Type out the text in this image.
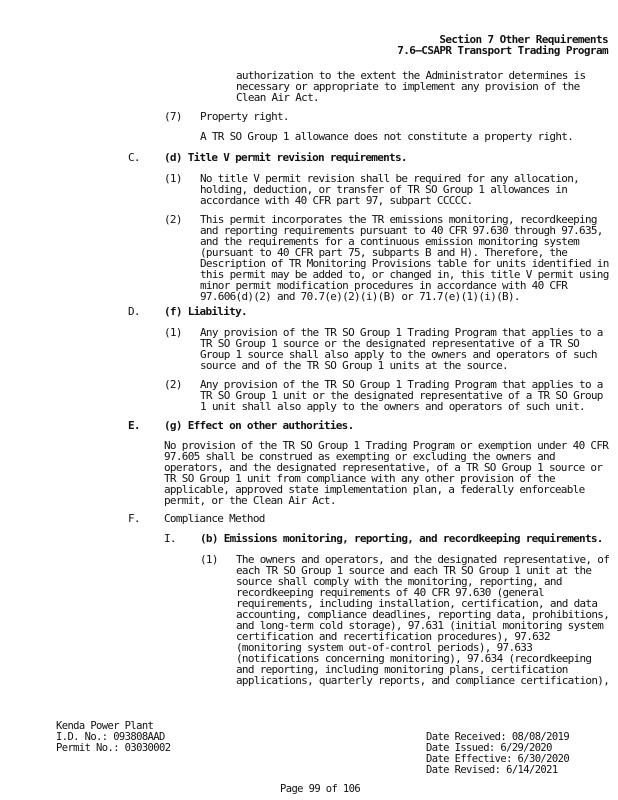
Section 7 Other Requirements
7.6–CSAPR Transport Trading Program
authorization to the extent the Administrator determines is
necessary or appropriate to implement any provision of the
Clean Air Act.
(7) Property right.
A TR SO Group 1 allowance does not constitute a property right.
C. (d) Title V permit revision requirements.
(1) No title V permit revision shall be required for any allocation,
holding, deduction, or transfer of TR SO Group 1 allowances in
accordance with 40 CFR part 97, subpart CCCCC.
(2) This permit incorporates the TR emissions monitoring, recordkeeping
and reporting requirements pursuant to 40 CFR 97.630 through 97.635,
and the requirements for a continuous emission monitoring system
(pursuant to 40 CFR part 75, subparts B and H). Therefore, the
Description of TR Monitoring Provisions table for units identified in
this permit may be added to, or changed in, this title V permit using
minor permit modification procedures in accordance with 40 CFR
97.606(d)(2) and 70.7(e)(2)(i)(B) or 71.7(e)(1)(i)(B).
D. (f) Liability.
(1) Any provision of the TR SO Group 1 Trading Program that applies to a
TR SO Group 1 source or the designated representative of a TR SO
Group 1 source shall also apply to the owners and operators of such
source and of the TR SO Group 1 units at the source.
(2) Any provision of the TR SO Group 1 Trading Program that applies to a
TR SO Group 1 unit or the designated representative of a TR SO Group
1 unit shall also apply to the owners and operators of such unit.
E. (g) Effect on other authorities.
No provision of the TR SO Group 1 Trading Program or exemption under 40 CFR
97.605 shall be construed as exempting or excluding the owners and
operators, and the designated representative, of a TR SO Group 1 source or
TR SO Group 1 unit from compliance with any other provision of the
applicable, approved state implementation plan, a federally enforceable
permit, or the Clean Air Act.
F. Compliance Method
I. (b) Emissions monitoring, reporting, and recordkeeping requirements.
(1) The owners and operators, and the designated representative, of
each TR SO Group 1 source and each TR SO Group 1 unit at the
source shall comply with the monitoring, reporting, and
recordkeeping requirements of 40 CFR 97.630 (general
requirements, including installation, certification, and data
accounting, compliance deadlines, reporting data, prohibitions,
and long-term cold storage), 97.631 (initial monitoring system
certification and recertification procedures), 97.632
(monitoring system out-of-control periods), 97.633
(notifications concerning monitoring), 97.634 (recordkeeping
and reporting, including monitoring plans, certification
applications, quarterly reports, and compliance certification),
Kenda Power Plant
I.D. No.: 093808AAD
Permit No.: 03030002
Date Received: 08/08/2019
Date Issued: 6/29/2020
Date Effective: 6/30/2020
Date Revised: 6/14/2021
Page 99 of 106
